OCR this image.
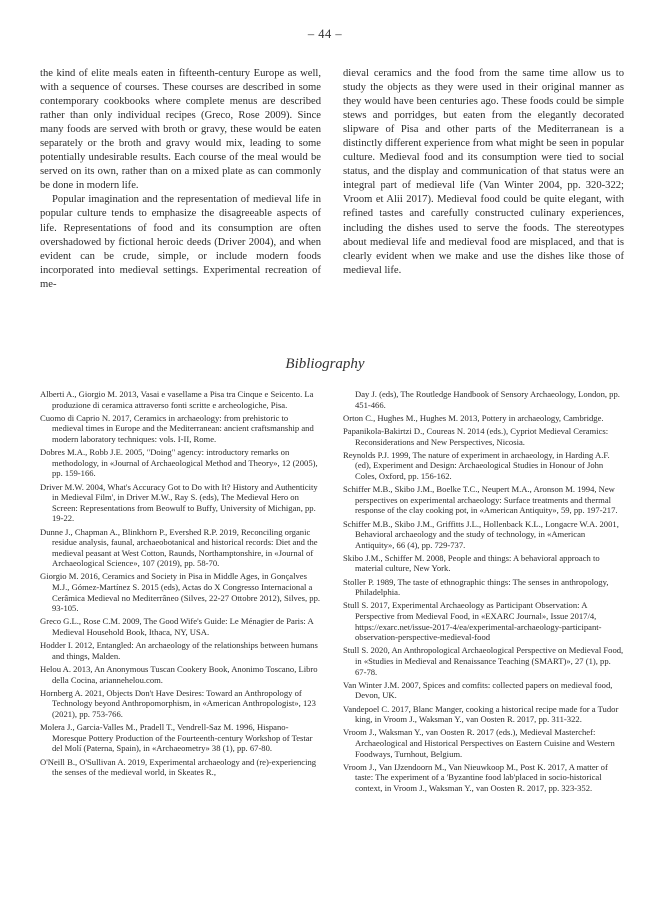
– 44 –

the kind of elite meals eaten in fifteenth-century Europe as well, with a sequence of courses. These courses are described in some contemporary cookbooks where complete menus are described rather than only individual recipes (Greco, Rose 2009). Since many foods are served with broth or gravy, these would be eaten separately or the broth and gravy would mix, leading to some potentially undesirable results. Each course of the meal would be served on its own, rather than on a mixed plate as can commonly be done in modern life.

Popular imagination and the representation of medieval life in popular culture tends to emphasize the disagreeable aspects of life. Representations of food and its consumption are often overshadowed by fictional heroic deeds (Driver 2004), and when evident can be crude, simple, or include modern foods incorporated into medieval settings. Experimental recreation of me-

dieval ceramics and the food from the same time allow us to study the objects as they were used in their original manner as they would have been centuries ago. These foods could be simple stews and porridges, but eaten from the elegantly decorated slipware of Pisa and other parts of the Mediterranean is a distinctly different experience from what might be seen in popular culture. Medieval food and its consumption were tied to social status, and the display and communication of that status were an integral part of medieval life (Van Winter 2004, pp. 320-322; Vroom et Alii 2017). Medieval food could be quite elegant, with refined tastes and carefully constructed culinary experiences, including the dishes used to serve the foods. The stereotypes about medieval life and medieval food are misplaced, and that is clearly evident when we make and use the dishes like those of medieval life.

Bibliography
Alberti A., Giorgio M. 2013, Vasai e vasellame a Pisa tra Cinque e Seicento. La produzione di ceramica attraverso fonti scritte e archeologiche, Pisa.
Cuomo di Caprio N. 2017, Ceramics in archaeology: from prehistoric to medieval times in Europe and the Mediterranean: ancient craftsmanship and modern laboratory techniques: vols. I-II, Rome.
Dobres M.A., Robb J.E. 2005, "Doing" agency: introductory remarks on methodology, in «Journal of Archaeological Method and Theory», 12 (2005), pp. 159-166.
Driver M.W. 2004, What's Accuracy Got to Do with It? History and Authenticity in Medieval Film', in Driver M.W., Ray S. (eds), The Medieval Hero on Screen: Representations from Beowulf to Buffy, University of Michigan, pp. 19-22.
Dunne J., Chapman A., Blinkhorn P., Evershed R.P. 2019, Reconciling organic residue analysis, faunal, archaeobotanical and historical records: Diet and the medieval peasant at West Cotton, Raunds, Northamptonshire, in «Journal of Archaeological Science», 107 (2019), pp. 58-70.
Giorgio M. 2016, Ceramics and Society in Pisa in Middle Ages, in Gonçalves M.J., Gómez-Martínez S. 2015 (eds), Actas do X Congresso Internacional a Cerâmica Medieval no Mediterrâneo (Silves, 22-27 Ottobre 2012), Silves, pp. 93-105.
Greco G.L., Rose C.M. 2009, The Good Wife's Guide: Le Ménagier de Paris: A Medieval Household Book, Ithaca, NY, USA.
Hodder I. 2012, Entangled: An archaeology of the relationships between humans and things, Malden.
Helou A. 2013, An Anonymous Tuscan Cookery Book, Anonimo Toscano, Libro della Cocina, ariannehelou.com.
Hornberg A. 2021, Objects Don't Have Desires: Toward an Anthropology of Technology beyond Anthropomorphism, in «American Anthropologist», 123 (2021), pp. 753-766.
Molera J., Garcia-Valles M., Pradell T., Vendrell-Saz M. 1996, Hispano-Moresque Pottery Production of the Fourteenth-century Workshop of Testar del Molí (Paterna, Spain), in «Archaeometry» 38 (1), pp. 67-80.
O'Neill B., O'Sullivan A. 2019, Experimental archaeology and (re)-experiencing the senses of the medieval world, in Skeates R.,
Day J. (eds), The Routledge Handbook of Sensory Archaeology, London, pp. 451-466.
Orton C., Hughes M., Hughes M. 2013, Pottery in archaeology, Cambridge.
Papanikola-Bakirtzi D., Coureas N. 2014 (eds.), Cypriot Medieval Ceramics: Reconsiderations and New Perspectives, Nicosia.
Reynolds P.J. 1999, The nature of experiment in archaeology, in Harding A.F. (ed), Experiment and Design: Archaeological Studies in Honour of John Coles, Oxford, pp. 156-162.
Schiffer M.B., Skibo J.M., Boelke T.C., Neupert M.A., Aronson M. 1994, New perspectives on experimental archaeology: Surface treatments and thermal response of the clay cooking pot, in «American Antiquity», 59, pp. 197-217.
Schiffer M.B., Skibo J.M., Griffitts J.L., Hollenback K.L., Longacre W.A. 2001, Behavioral archaeology and the study of technology, in «American Antiquity», 66 (4), pp. 729-737.
Skibo J.M., Schiffer M. 2008, People and things: A behavioral approach to material culture, New York.
Stoller P. 1989, The taste of ethnographic things: The senses in anthropology, Philadelphia.
Stull S. 2017, Experimental Archaeology as Participant Observation: A Perspective from Medieval Food, in «EXARC Journal», Issue 2017/4, https://exarc.net/issue-2017-4/ea/experimental-archaeology-participant-observation-perspective-medieval-food
Stull S. 2020, An Anthropological Archaeological Perspective on Medieval Food, in «Studies in Medieval and Renaissance Teaching (SMART)», 27 (1), pp. 67-78.
Van Winter J.M. 2007, Spices and comfits: collected papers on medieval food, Devon, UK.
Vandepoel C. 2017, Blanc Manger, cooking a historical recipe made for a Tudor king, in Vroom J., Waksman Y., van Oosten R. 2017, pp. 311-322.
Vroom J., Waksman Y., van Oosten R. 2017 (eds.), Medieval Masterchef: Archaeological and Historical Perspectives on Eastern Cuisine and Western Foodways, Turnhout, Belgium.
Vroom J., Van IJzendoorn M., Van Nieuwkoop M., Post K. 2017, A matter of taste: The experiment of a 'Byzantine food lab'placed in socio-historical context, in Vroom J., Waksman Y., van Oosten R. 2017, pp. 323-352.
